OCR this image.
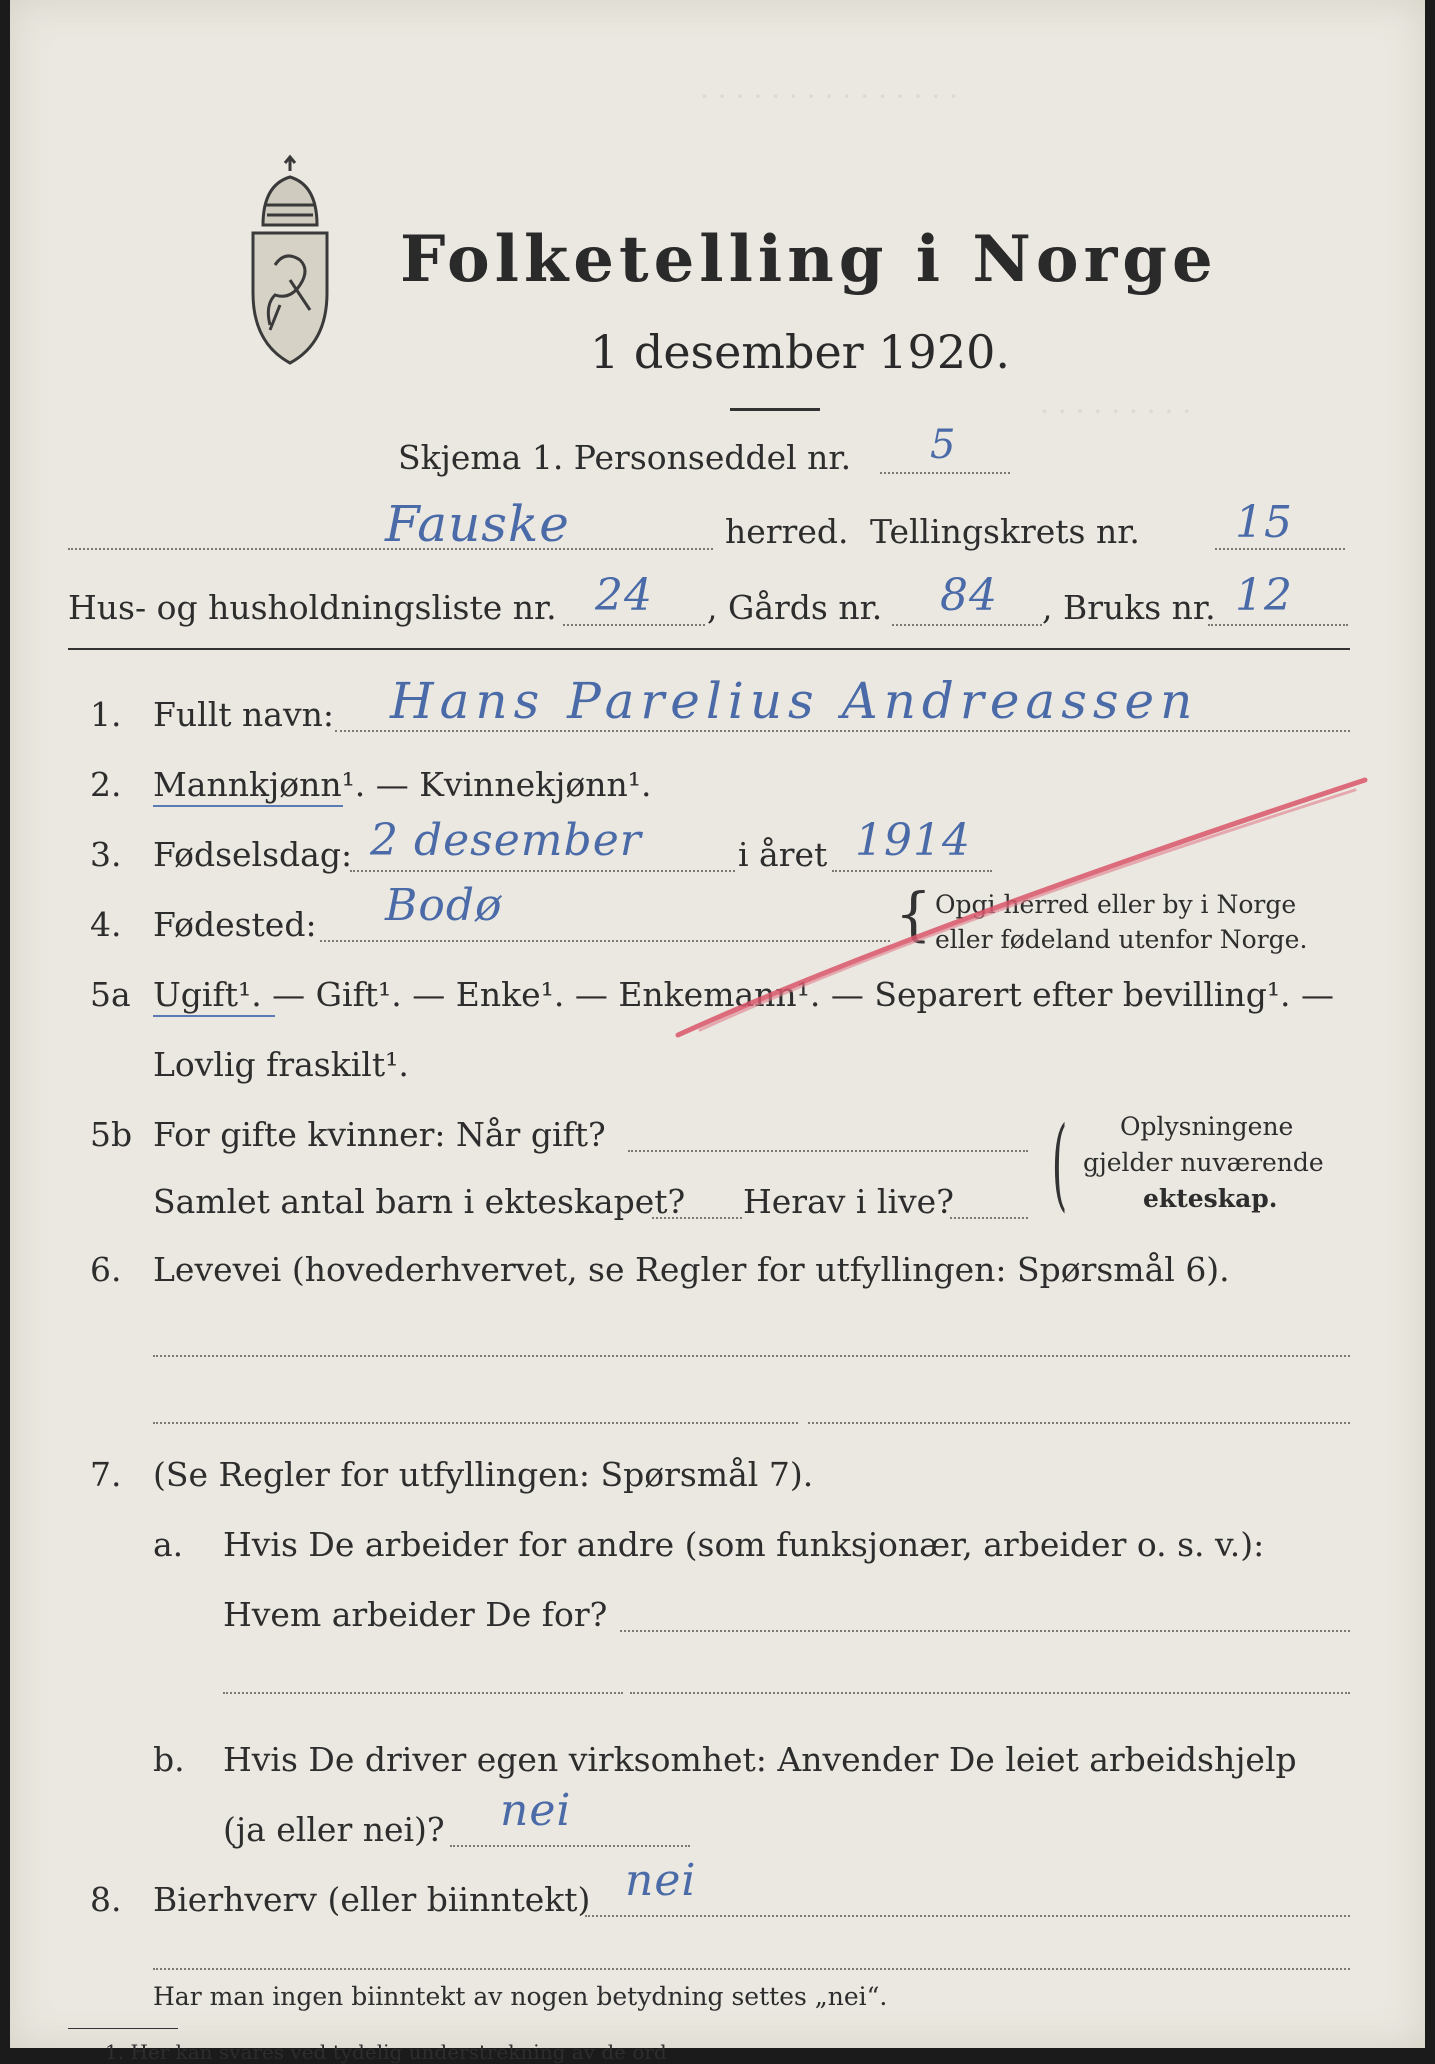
· · · · · · · · · · · · · · ·
· · · · · · · · ·
Folketelling i Norge
1 desember 1920.
Skjema 1. Personseddel nr. 5
Fauske	herred. Tellingskrets nr. 15
Hus- og husholdningsliste nr. 24 , Gårds nr. 84 , Bruks nr. 12
1. Fullt navn: Hans Parelius Andreassen
2. Mannkjønn¹. — Kvinnekjønn¹.
3. Fødselsdag: 2 desember	i året 1914
4. Fødested: Bodø	{ Opgi herred eller by i Norge
eller fødeland utenfor Norge.
5a Ugift¹. — Gift¹. — Enke¹. — Enkemann¹. — Separert efter bevilling¹. —
Lovlig fraskilt¹.
5b For gifte kvinner: Når gift?
Samlet antal barn i ekteskapet? Herav i live? ( Oplysningene
gjelder nuværende
ekteskap.
6. Levevei (hovederhvervet, se Regler for utfyllingen: Spørsmål 6).
7. (Se Regler for utfyllingen: Spørsmål 7).
a. Hvis De arbeider for andre (som funksjonær, arbeider o. s. v.):
Hvem arbeider De for?
b. Hvis De driver egen virksomhet: Anvender De leiet arbeidshjelp
(ja eller nei)? nei
8. Bierhverv (eller biinntekt) nei
Har man ingen biinntekt av nogen betydning settes „nei“.
1. Her kan svares ved tydelig understrekning av de ord
